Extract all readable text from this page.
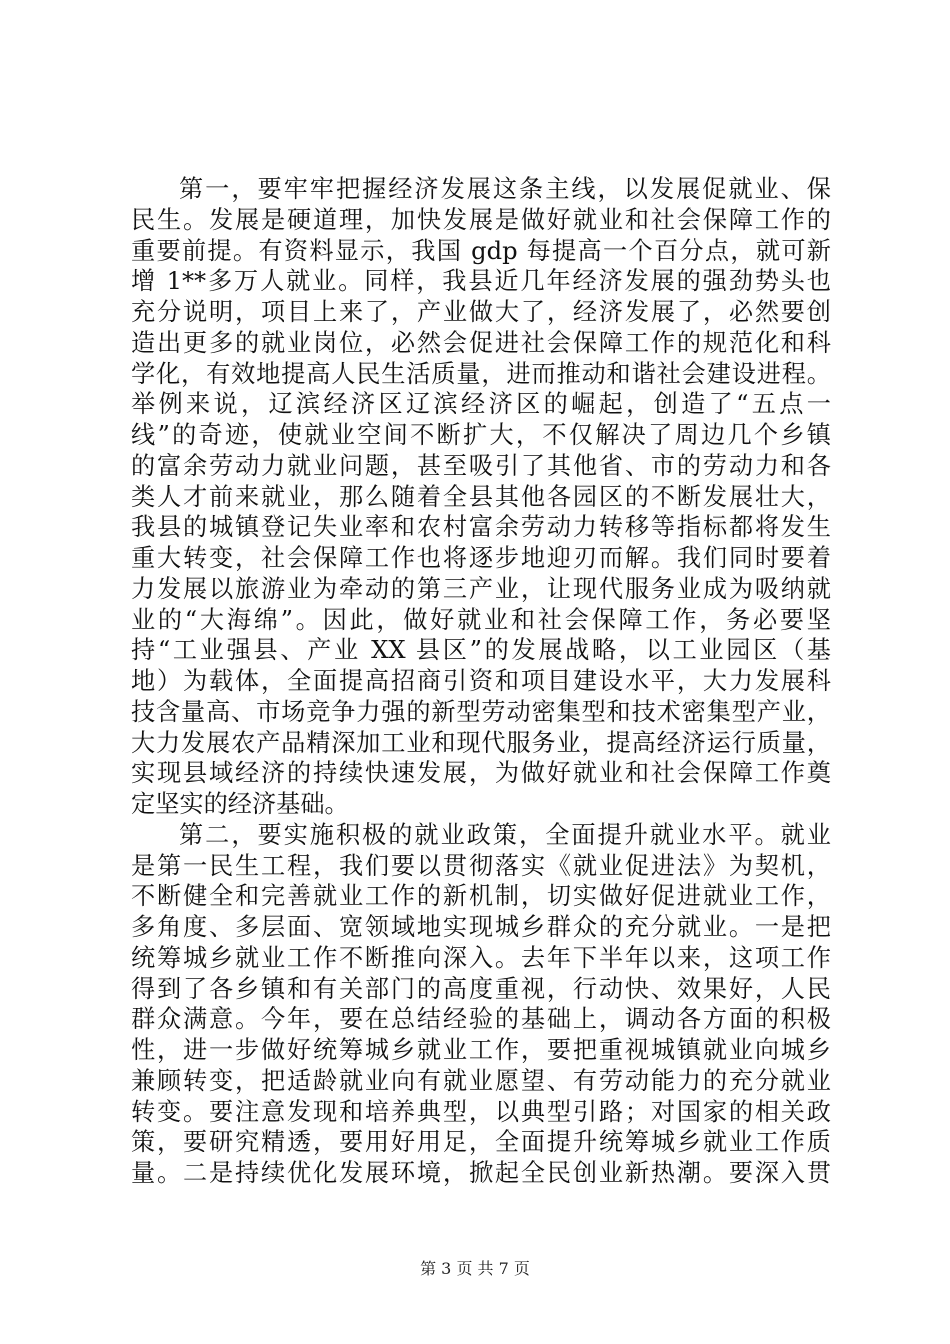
第一，要牢牢把握经济发展这条主线，以发展促就业、保
民生。发展是硬道理，加快发展是做好就业和社会保障工作的
重要前提。有资料显示，我国 gdp 每提高一个百分点，就可新
增 1**多万人就业。同样，我县近几年经济发展的强劲势头也
充分说明，项目上来了，产业做大了，经济发展了，必然要创
造出更多的就业岗位，必然会促进社会保障工作的规范化和科
学化，有效地提高人民生活质量，进而推动和谐社会建设进程。
举例来说，辽滨经济区辽滨经济区的崛起，创造了“五点一
线”的奇迹，使就业空间不断扩大，不仅解决了周边几个乡镇
的富余劳动力就业问题，甚至吸引了其他省、市的劳动力和各
类人才前来就业，那么随着全县其他各园区的不断发展壮大，
我县的城镇登记失业率和农村富余劳动力转移等指标都将发生
重大转变，社会保障工作也将逐步地迎刃而解。我们同时要着
力发展以旅游业为牵动的第三产业，让现代服务业成为吸纳就
业的“大海绵”。因此，做好就业和社会保障工作，务必要坚
持“工业强县、产业 XX 县区”的发展战略，以工业园区（基
地）为载体，全面提高招商引资和项目建设水平，大力发展科
技含量高、市场竞争力强的新型劳动密集型和技术密集型产业，
大力发展农产品精深加工业和现代服务业，提高经济运行质量，
实现县域经济的持续快速发展，为做好就业和社会保障工作奠
定坚实的经济基础。
第二，要实施积极的就业政策，全面提升就业水平。就业
是第一民生工程，我们要以贯彻落实《就业促进法》为契机，
不断健全和完善就业工作的新机制，切实做好促进就业工作，
多角度、多层面、宽领域地实现城乡群众的充分就业。一是把
统筹城乡就业工作不断推向深入。去年下半年以来，这项工作
得到了各乡镇和有关部门的高度重视，行动快、效果好，人民
群众满意。今年，要在总结经验的基础上，调动各方面的积极
性，进一步做好统筹城乡就业工作，要把重视城镇就业向城乡
兼顾转变，把适龄就业向有就业愿望、有劳动能力的充分就业
转变。要注意发现和培养典型，以典型引路；对国家的相关政
策，要研究精透，要用好用足，全面提升统筹城乡就业工作质
量。二是持续优化发展环境，掀起全民创业新热潮。要深入贯
第 3 页 共 7 页
